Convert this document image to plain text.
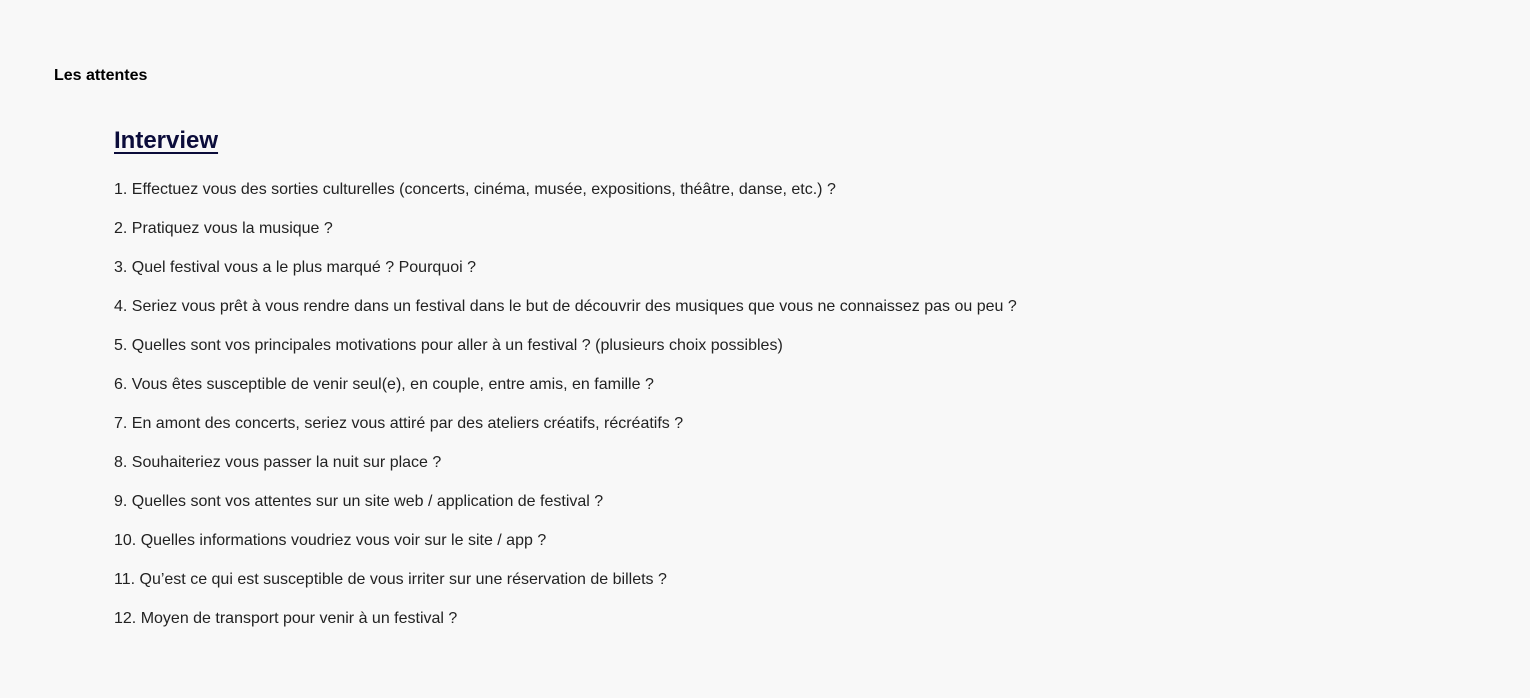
Les attentes
Interview
1. Effectuez vous des sorties culturelles (concerts, cinéma, musée, expositions, théâtre, danse, etc.) ?
2. Pratiquez vous la musique ?
3. Quel festival vous a le plus marqué ? Pourquoi ?
4. Seriez vous prêt à vous rendre dans un festival dans le but de découvrir des musiques que vous ne connaissez pas ou peu ?
5. Quelles sont vos principales motivations pour aller à un festival ? (plusieurs choix possibles)
6. Vous êtes susceptible de venir seul(e), en couple, entre amis, en famille ?
7. En amont des concerts, seriez vous attiré par des ateliers créatifs, récréatifs ?
8. Souhaiteriez vous passer la nuit sur place ?
9. Quelles sont vos attentes sur un site web / application de festival ?
10. Quelles informations voudriez vous voir sur le site / app ?
11. Qu’est ce qui est susceptible de vous irriter sur une réservation de billets ?
12. Moyen de transport pour venir à un festival ?
